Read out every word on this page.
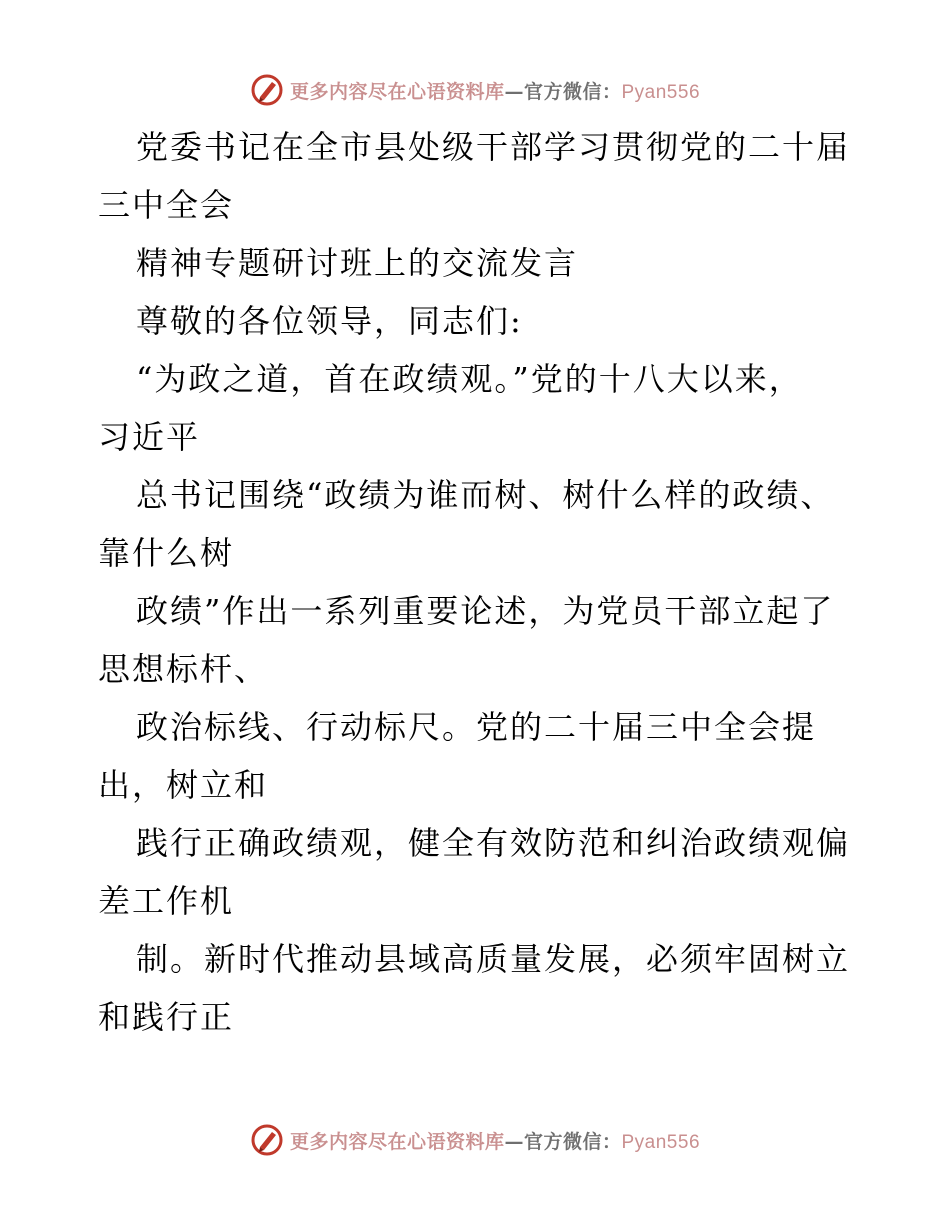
更多内容尽在心语资料库—官方微信：Pyan556
党委书记在全市县处级干部学习贯彻党的二十届
三中全会
精神专题研讨班上的交流发言
尊敬的各位领导，同志们:
“为政之道，首在政绩观。”党的十八大以来，
习近平
总书记围绕“政绩为谁而树、树什么样的政绩、
靠什么树
政绩”作出一系列重要论述，为党员干部立起了
思想标杆、
政治标线、行动标尺。党的二十届三中全会提
出，树立和
践行正确政绩观，健全有效防范和纠治政绩观偏
差工作机
制。新时代推动县域高质量发展，必须牢固树立
和践行正
更多内容尽在心语资料库—官方微信：Pyan556
